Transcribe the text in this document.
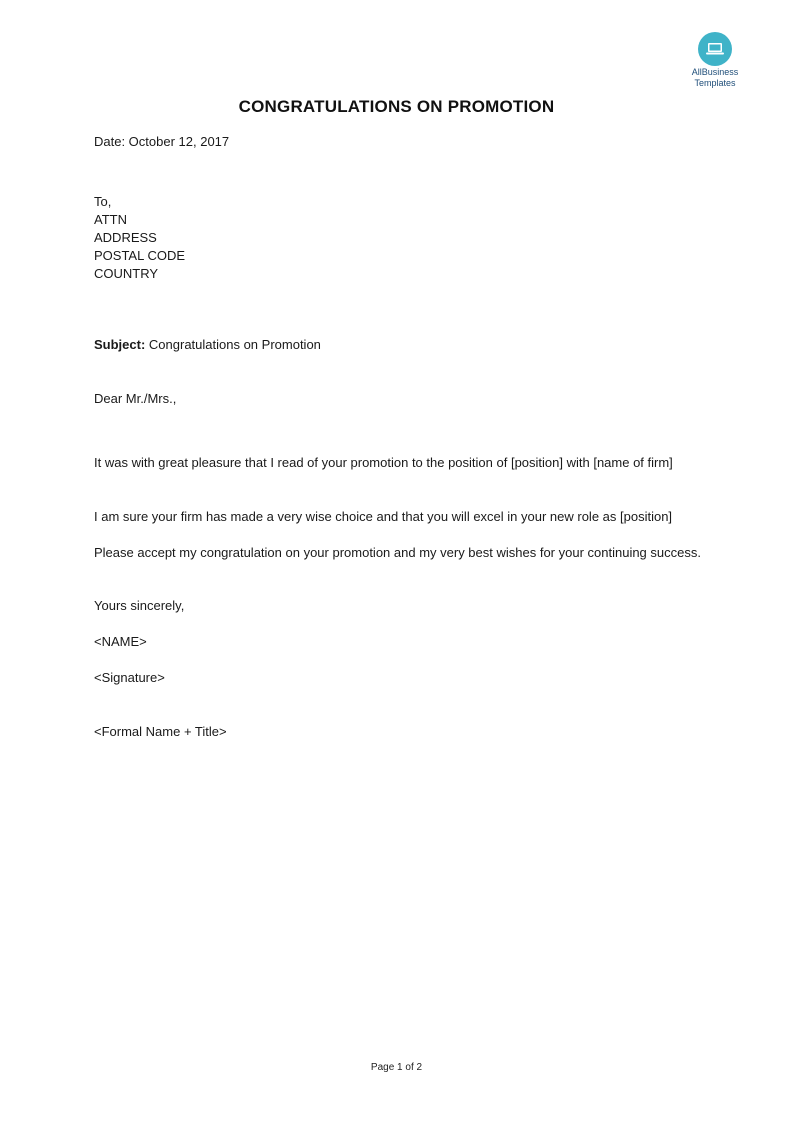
AllBusiness
Templates
CONGRATULATIONS ON PROMOTION
Date: October 12, 2017
To,
ATTN
ADDRESS
POSTAL CODE
COUNTRY
Subject: Congratulations on Promotion
Dear Mr./Mrs.,
It was with great pleasure that I read of your promotion to the position of [position] with [name of firm]
I am sure your firm has made a very wise choice and that you will excel in your new role as [position]
Please accept my congratulation on your promotion and my very best wishes for your continuing success.
Yours sincerely,
<NAME>
<Signature>
<Formal Name + Title>
Page 1 of 2
